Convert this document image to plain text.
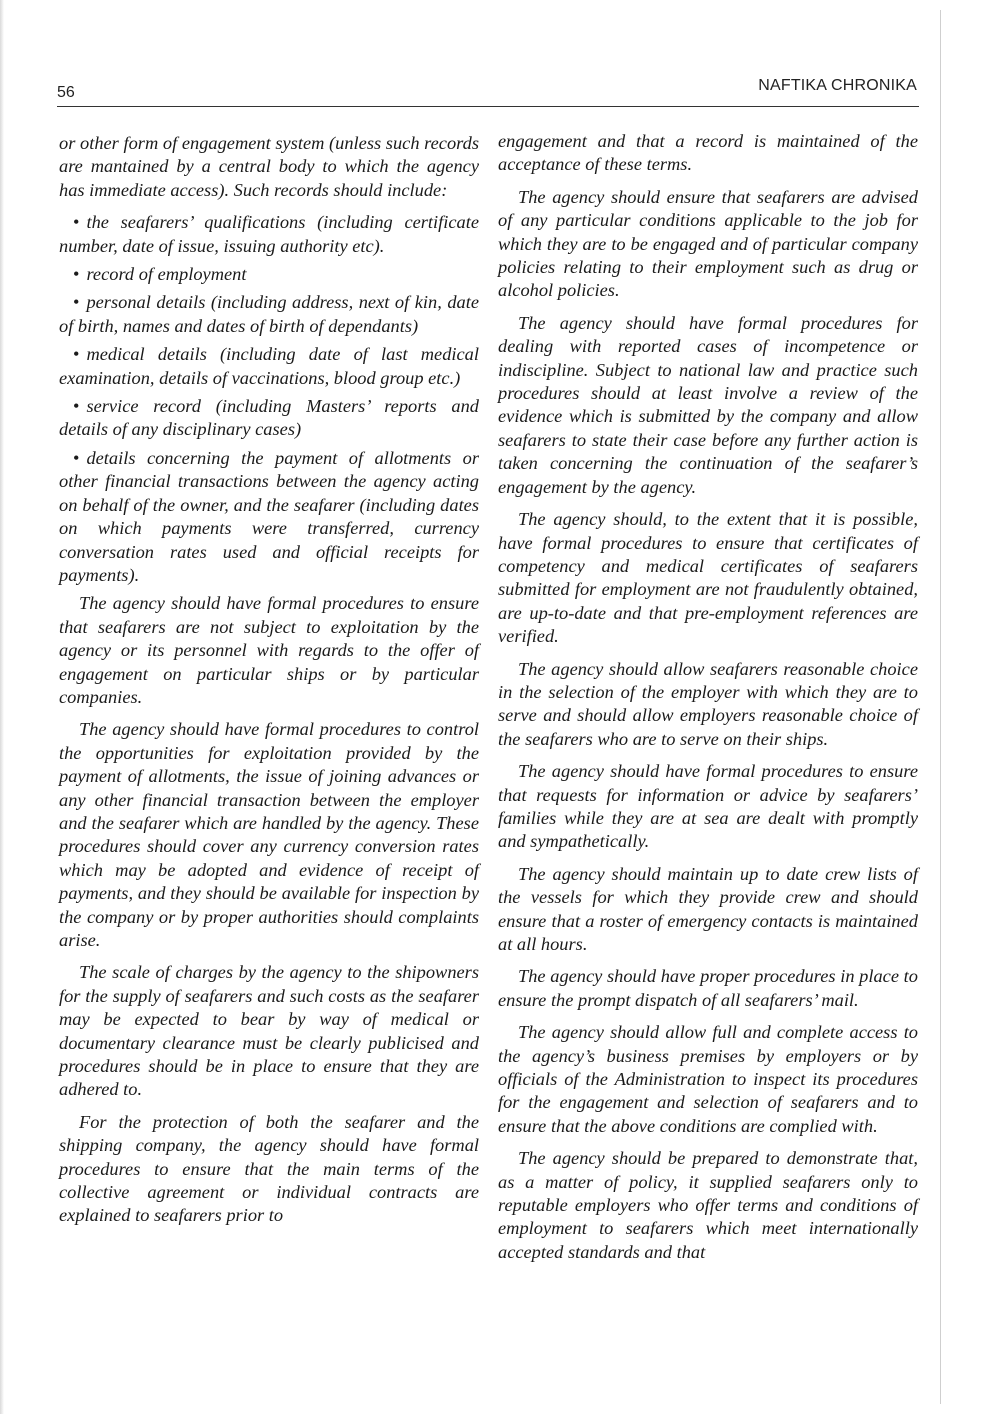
56	NAFTIKA CHRONIKA

or other form of engagement system (unless such records are mantained by a central body to which the agency has immediate access). Such records should include:

• the seafarers’ qualifications (including certificate number, date of issue, issuing authority etc).

• record of employment

• personal details (including address, next of kin, date of birth, names and dates of birth of dependants)

• medical details (including date of last medical examination, details of vaccinations, blood group etc.)

• service record (including Masters’ reports and details of any disciplinary cases)

• details concerning the payment of allotments or other financial transactions between the agency acting on behalf of the owner, and the seafarer (including dates on which payments were transferred, currency conversation rates used and official receipts for payments).

The agency should have formal procedures to ensure that seafarers are not subject to exploitation by the agency or its personnel with regards to the offer of engagement on particular ships or by particular companies.

The agency should have formal procedures to control the opportunities for exploitation provided by the payment of allotments, the issue of joining advances or any other financial transaction between the employer and the seafarer which are handled by the agency. These procedures should cover any currency conversion rates which may be adopted and evidence of receipt of payments, and they should be available for inspection by the company or by proper authorities should complaints arise.

The scale of charges by the agency to the shipowners for the supply of seafarers and such costs as the seafarer may be expected to bear by way of medical or documentary clearance must be clearly publicised and procedures should be in place to ensure that they are adhered to.

For the protection of both the seafarer and the shipping company, the agency should have formal procedures to ensure that the main terms of the collective agreement or individual contracts are explained to seafarers prior to

engagement and that a record is maintained of the acceptance of these terms.

The agency should ensure that seafarers are advised of any particular conditions applicable to the job for which they are to be engaged and of particular company policies relating to their employment such as drug or alcohol policies.

The agency should have formal procedures for dealing with reported cases of incompetence or indiscipline. Subject to national law and practice such procedures should at least involve a review of the evidence which is submitted by the company and allow seafarers to state their case before any further action is taken concerning the continuation of the seafarer’s engagement by the agency.

The agency should, to the extent that it is possible, have formal procedures to ensure that certificates of competency and medical certificates of seafarers submitted for employment are not fraudulently obtained, are up-to-date and that pre-employment references are verified.

The agency should allow seafarers reasonable choice in the selection of the employer with which they are to serve and should allow employers reasonable choice of the seafarers who are to serve on their ships.

The agency should have formal procedures to ensure that requests for information or advice by seafarers’ families while they are at sea are dealt with promptly and sympathetically.

The agency should maintain up to date crew lists of the vessels for which they provide crew and should ensure that a roster of emergency contacts is maintained at all hours.

The agency should have proper procedures in place to ensure the prompt dispatch of all seafarers’ mail.

The agency should allow full and complete access to the agency’s business premises by employers or by officials of the Administration to inspect its procedures for the engagement and selection of seafarers and to ensure that the above conditions are complied with.

The agency should be prepared to demonstrate that, as a matter of policy, it supplied seafarers only to reputable employers who offer terms and conditions of employment to seafarers which meet internationally accepted standards and that
